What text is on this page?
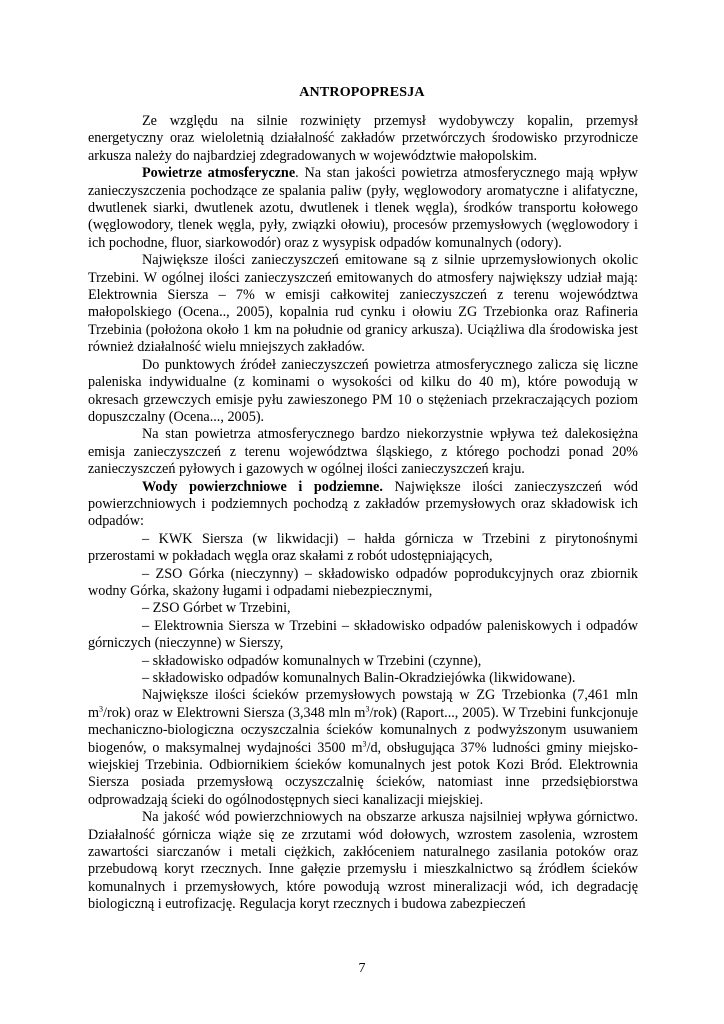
ANTROPOPRESJA

Ze względu na silnie rozwinięty przemysł wydobywczy kopalin, przemysł energetyczny oraz wieloletnią działalność zakładów przetwórczych środowisko przyrodnicze arkusza należy do najbardziej zdegradowanych w województwie małopolskim.

Powietrze atmosferyczne. Na stan jakości powietrza atmosferycznego mają wpływ zanieczyszczenia pochodzące ze spalania paliw (pyły, węglowodory aromatyczne i alifatyczne, dwutlenek siarki, dwutlenek azotu, dwutlenek i tlenek węgla), środków transportu kołowego (węglowodory, tlenek węgla, pyły, związki ołowiu), procesów przemysłowych (węglowodory i ich pochodne, fluor, siarkowodór) oraz z wysypisk odpadów komunalnych (odory).

Największe ilości zanieczyszczeń emitowane są z silnie uprzemysłowionych okolic Trzebini. W ogólnej ilości zanieczyszczeń emitowanych do atmosfery największy udział mają: Elektrownia Siersza – 7% w emisji całkowitej zanieczyszczeń z terenu województwa małopolskiego (Ocena.., 2005), kopalnia rud cynku i ołowiu ZG Trzebionka oraz Rafineria Trzebinia (położona około 1 km na południe od granicy arkusza). Uciążliwa dla środowiska jest również działalność wielu mniejszych zakładów.

Do punktowych źródeł zanieczyszczeń powietrza atmosferycznego zalicza się liczne paleniska indywidualne (z kominami o wysokości od kilku do 40 m), które powodują w okresach grzewczych emisje pyłu zawieszonego PM 10 o stężeniach przekraczających poziom dopuszczalny (Ocena..., 2005).

Na stan powietrza atmosferycznego bardzo niekorzystnie wpływa też dalekosiężna emisja zanieczyszczeń z terenu województwa śląskiego, z którego pochodzi ponad 20% zanieczyszczeń pyłowych i gazowych w ogólnej ilości zanieczyszczeń kraju.

Wody powierzchniowe i podziemne. Największe ilości zanieczyszczeń wód powierzchniowych i podziemnych pochodzą z zakładów przemysłowych oraz składowisk ich odpadów:

– KWK Siersza (w likwidacji) – hałda górnicza w Trzebini z pirytonośnymi przerostami w pokładach węgla oraz skałami z robót udostępniających,

– ZSO Górka (nieczynny) – składowisko odpadów poprodukcyjnych oraz zbiornik wodny Górka, skażony ługami i odpadami niebezpiecznymi,

– ZSO Górbet w Trzebini,

– Elektrownia Siersza w Trzebini – składowisko odpadów paleniskowych i odpadów górniczych (nieczynne) w Sierszy,

– składowisko odpadów komunalnych w Trzebini (czynne),

– składowisko odpadów komunalnych Balin-Okradziejówka (likwidowane).

Największe ilości ścieków przemysłowych powstają w ZG Trzebionka (7,461 mln $m^3/rok$) oraz w Elektrowni Siersza (3,348 mln $m^3/rok$) (Raport..., 2005). W Trzebini funkcjonuje mechaniczno-biologiczna oczyszczalnia ścieków komunalnych z podwyższonym usuwaniem biogenów, o maksymalnej wydajności 3500 $m^3/d$, obsługująca 37% ludności gminy miejsko-wiejskiej Trzebinia. Odbiornikiem ścieków komunalnych jest potok Kozi Bród. Elektrownia Siersza posiada przemysłową oczyszczalnię ścieków, natomiast inne przedsiębiorstwa odprowadzają ścieki do ogólnodostępnych sieci kanalizacji miejskiej.

Na jakość wód powierzchniowych na obszarze arkusza najsilniej wpływa górnictwo. Działalność górnicza wiąże się ze zrzutami wód dołowych, wzrostem zasolenia, wzrostem zawartości siarczanów i metali ciężkich, zakłóceniem naturalnego zasilania potoków oraz przebudową koryt rzecznych. Inne gałęzie przemysłu i mieszkalnictwo są źródłem ścieków komunalnych i przemysłowych, które powodują wzrost mineralizacji wód, ich degradację biologiczną i eutrofizację. Regulacja koryt rzecznych i budowa zabezpieczeń

7
